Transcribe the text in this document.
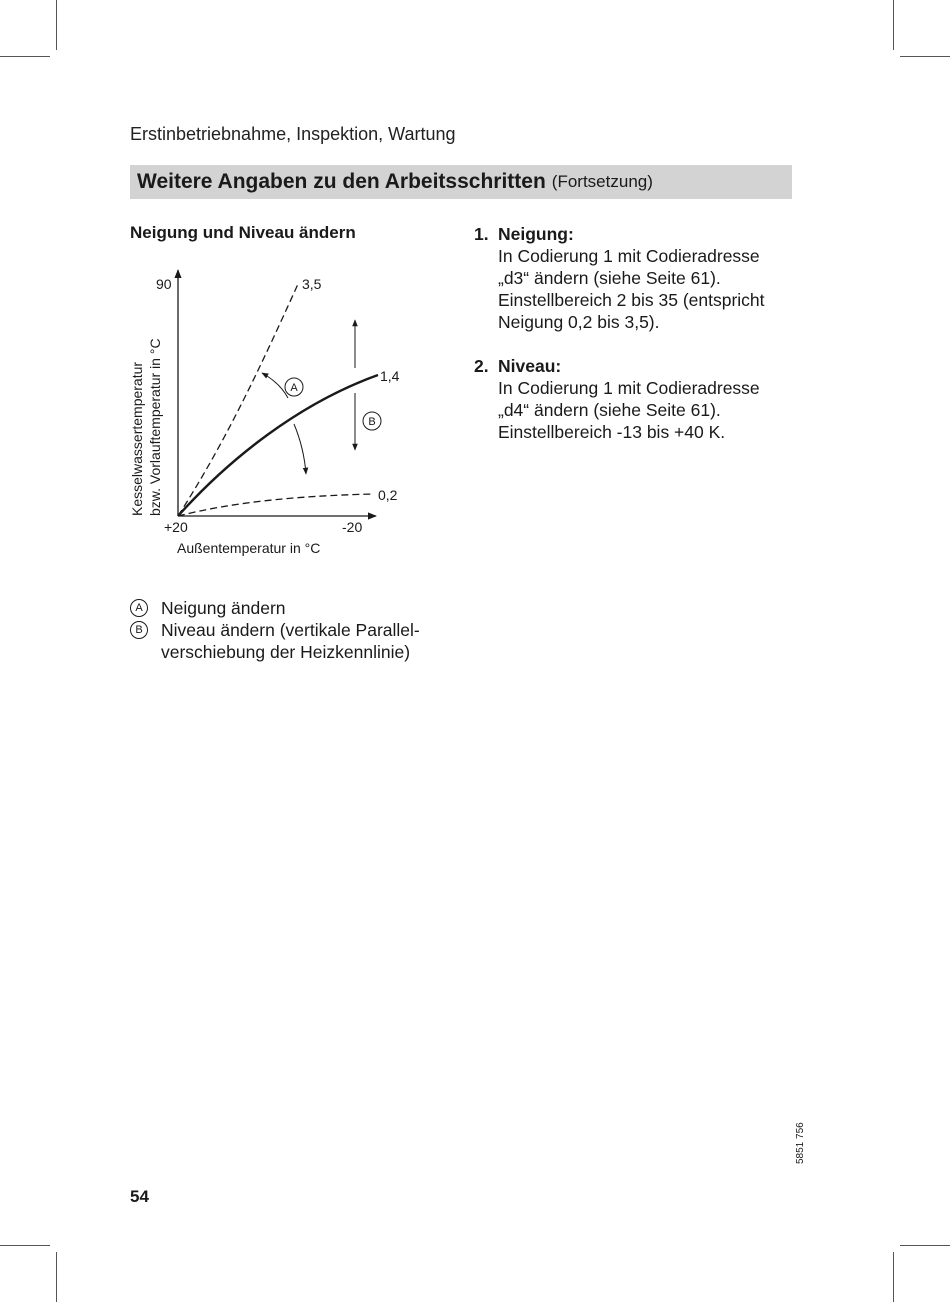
Erstinbetriebnahme, Inspektion, Wartung
Weitere Angaben zu den Arbeitsschritten (Fortsetzung)
Neigung und Niveau ändern
A
B
90
+20	-20
3,5
1,4
0,2
Kesselwassertemperatur bzw. Vorlauftemperatur in °C
Außentemperatur in °C
A	Neigung ändern
B	Niveau ändern (vertikale Parallel-verschiebung der Heizkennlinie)
1. Neigung:
In Codierung 1 mit Codieradresse „d3“ ändern (siehe Seite 61). Einstellbereich 2 bis 35 (entspricht Neigung 0,2 bis 3,5).
2. Niveau:
In Codierung 1 mit Codieradresse „d4“ ändern (siehe Seite 61). Einstellbereich -13 bis +40 K.
5851 756
54
